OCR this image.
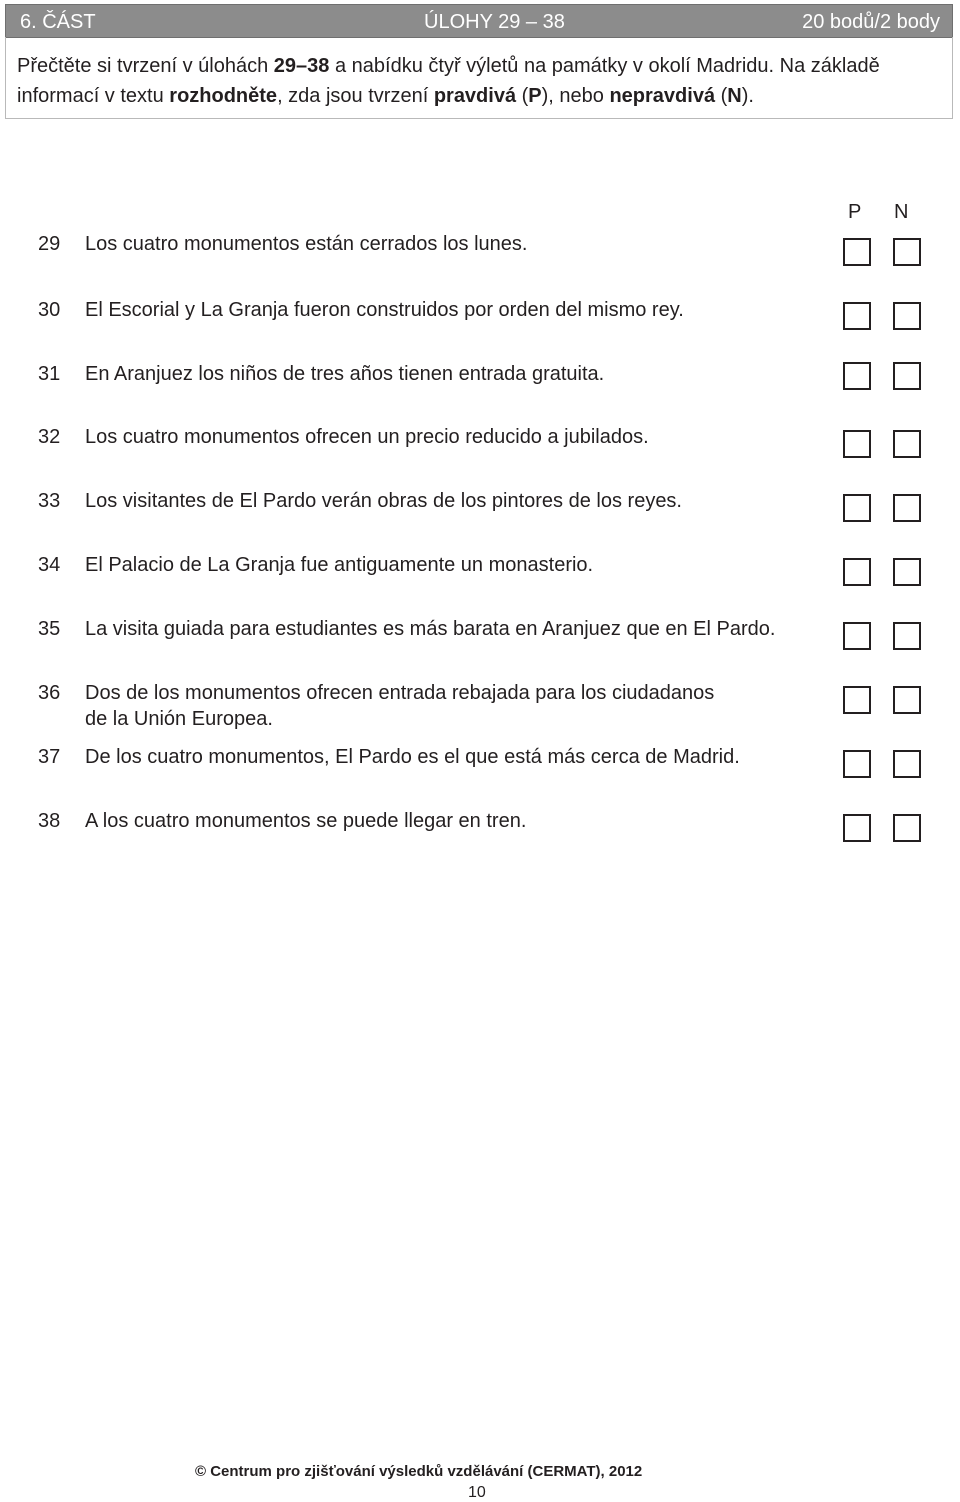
6. ČÁST	ÚLOHY 29 – 38	20 bodů/2 body

Přečtěte si tvrzení v úlohách 29–38 a nabídku čtyř výletů na památky v okolí Madridu. Na základě informací v textu rozhodněte, zda jsou tvrzení pravdivá (P), nebo nepravdivá (N).

P N
29 Los cuatro monumentos están cerrados los lunes.
30 El Escorial y La Granja fueron construidos por orden del mismo rey.
31 En Aranjuez los niños de tres años tienen entrada gratuita.
32 Los cuatro monumentos ofrecen un precio reducido a jubilados.
33 Los visitantes de El Pardo verán obras de los pintores de los reyes.
34 El Palacio de La Granja fue antiguamente un monasterio.
35 La visita guiada para estudiantes es más barata en Aranjuez que en El Pardo.
36 Dos de los monumentos ofrecen entrada rebajada para los ciudadanos de la Unión Europea.
37 De los cuatro monumentos, El Pardo es el que está más cerca de Madrid.
38 A los cuatro monumentos se puede llegar en tren.
© Centrum pro zjišťování výsledků vzdělávání (CERMAT), 2012
10
